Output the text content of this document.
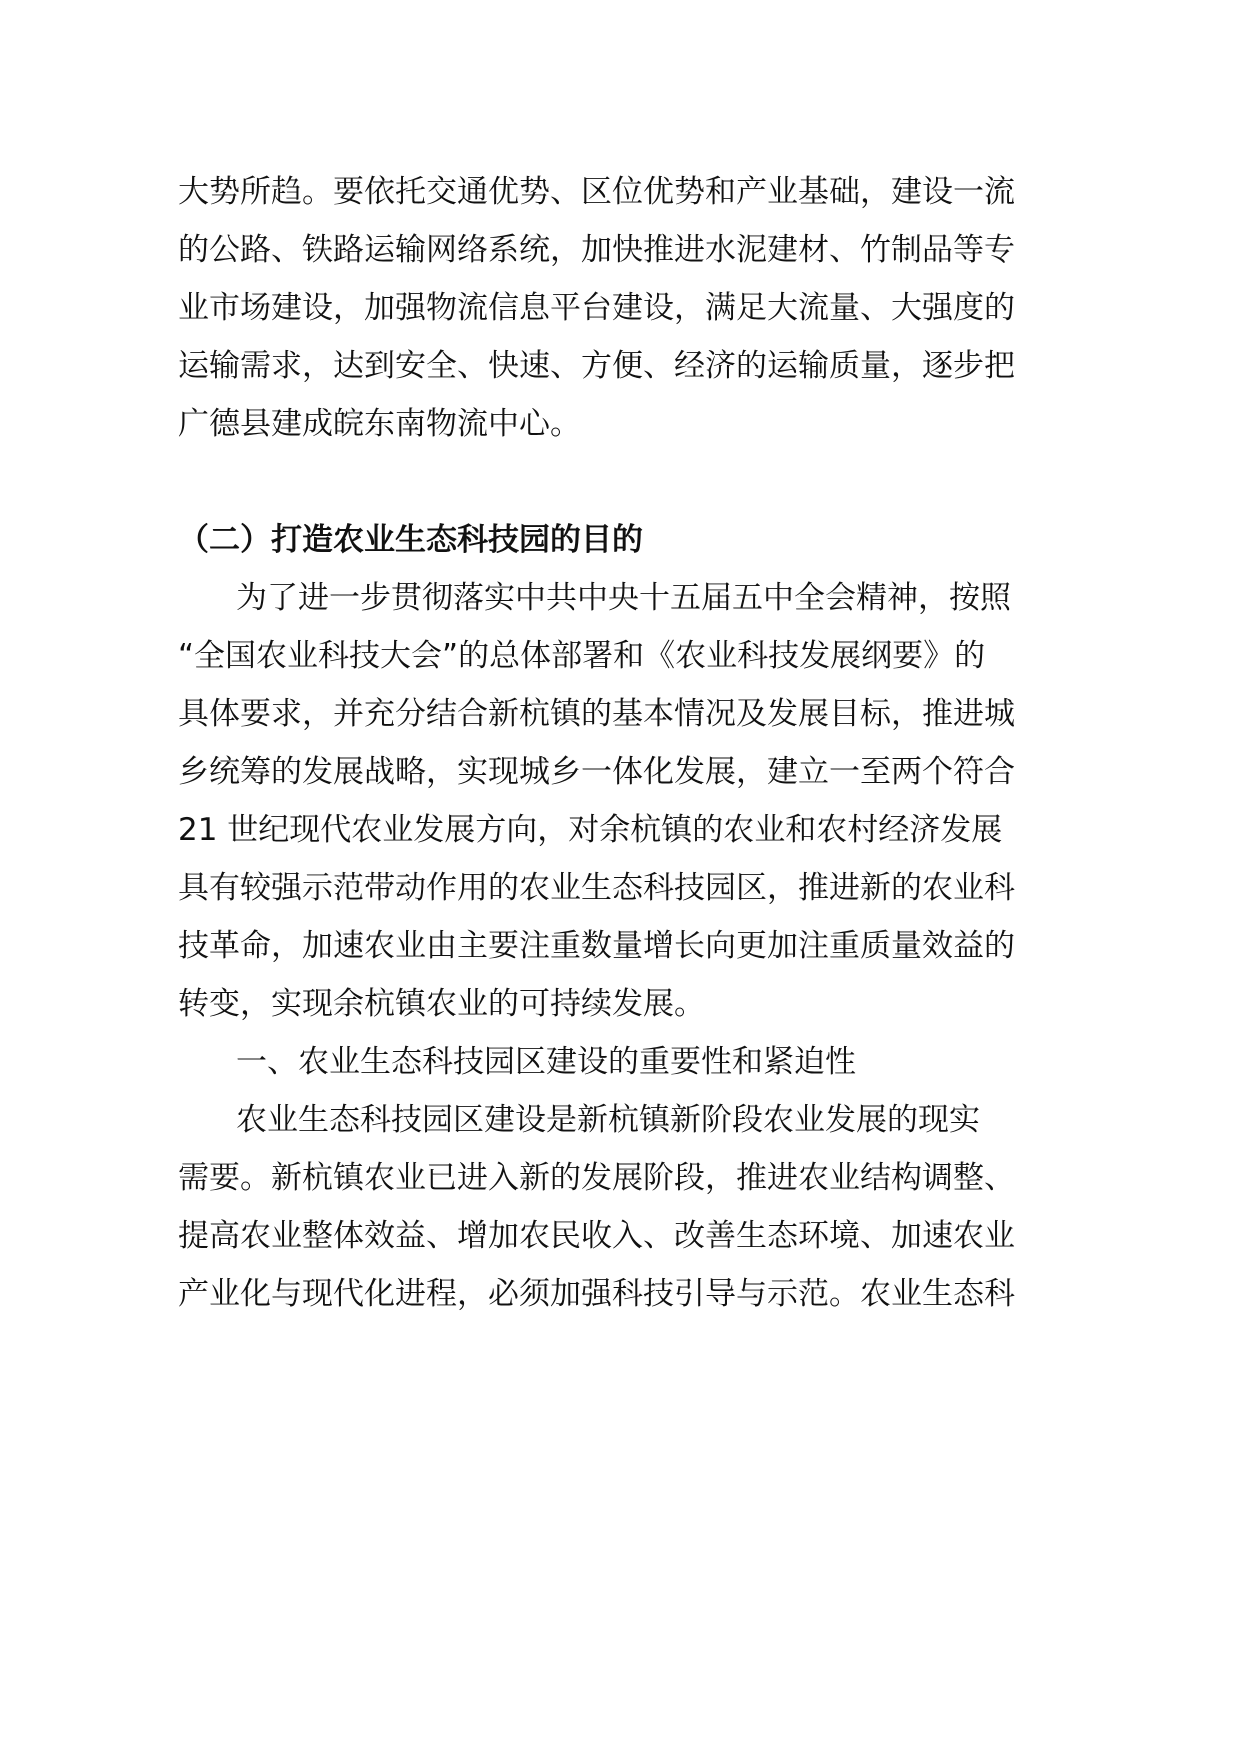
大势所趋。要依托交通优势、区位优势和产业基础，建设一流
的公路、铁路运输网络系统，加快推进水泥建材、竹制品等专
业市场建设，加强物流信息平台建设，满足大流量、大强度的
运输需求，达到安全、快速、方便、经济的运输质量，逐步把
广德县建成皖东南物流中心。
（二）打造农业生态科技园的目的
为了进一步贯彻落实中共中央十五届五中全会精神，按照
“全国农业科技大会”的总体部署和《农业科技发展纲要》的
具体要求，并充分结合新杭镇的基本情况及发展目标，推进城
乡统筹的发展战略，实现城乡一体化发展，建立一至两个符合
21 世纪现代农业发展方向，对余杭镇的农业和农村经济发展
具有较强示范带动作用的农业生态科技园区，推进新的农业科
技革命，加速农业由主要注重数量增长向更加注重质量效益的
转变，实现余杭镇农业的可持续发展。
一、农业生态科技园区建设的重要性和紧迫性
农业生态科技园区建设是新杭镇新阶段农业发展的现实
需要。新杭镇农业已进入新的发展阶段，推进农业结构调整、
提高农业整体效益、增加农民收入、改善生态环境、加速农业
产业化与现代化进程，必须加强科技引导与示范。农业生态科
